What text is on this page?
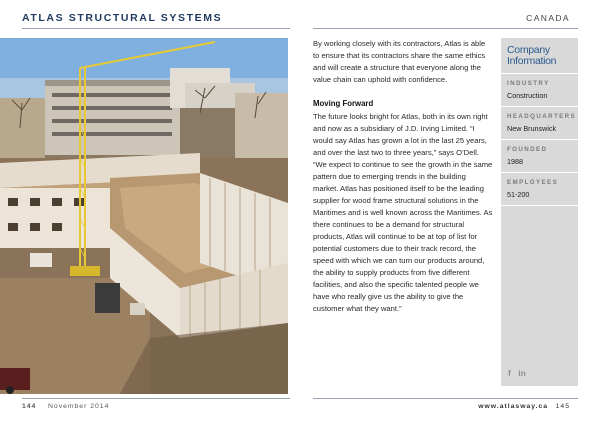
ATLAS STRUCTURAL SYSTEMS	CANADA

By working closely with its contractors, Atlas is able to ensure that its contractors share the same ethics and will create a structure that everyone along the value chain can uphold with confidence.

Moving Forward

The future looks bright for Atlas, both in its own right and now as a subsidiary of J.D. Irving Limited. “I would say Atlas has grown a lot in the last 25 years, and over the last two to three years,” says O’Dell. “We expect to continue to see the growth in the same pattern due to emerging trends in the building market. Atlas has positioned itself to be the leading supplier for wood frame structural solutions in the Maritimes and is well known across the Maritimes. As there continues to be a demand for structural products, Atlas will continue to be at top of list for potential customers due to their track record, the speed with which we can turn our products around, the ability to supply products from five different facilities, and also the specific talented people we have who really give us the ability to give the customer what they want.”

Company Information
INDUSTRY
Construction
HEADQUARTERS
New Brunswick
FOUNDED
1988
EMPLOYEES
51-200
f in
144 November 2014	www.atlasway.ca 145
